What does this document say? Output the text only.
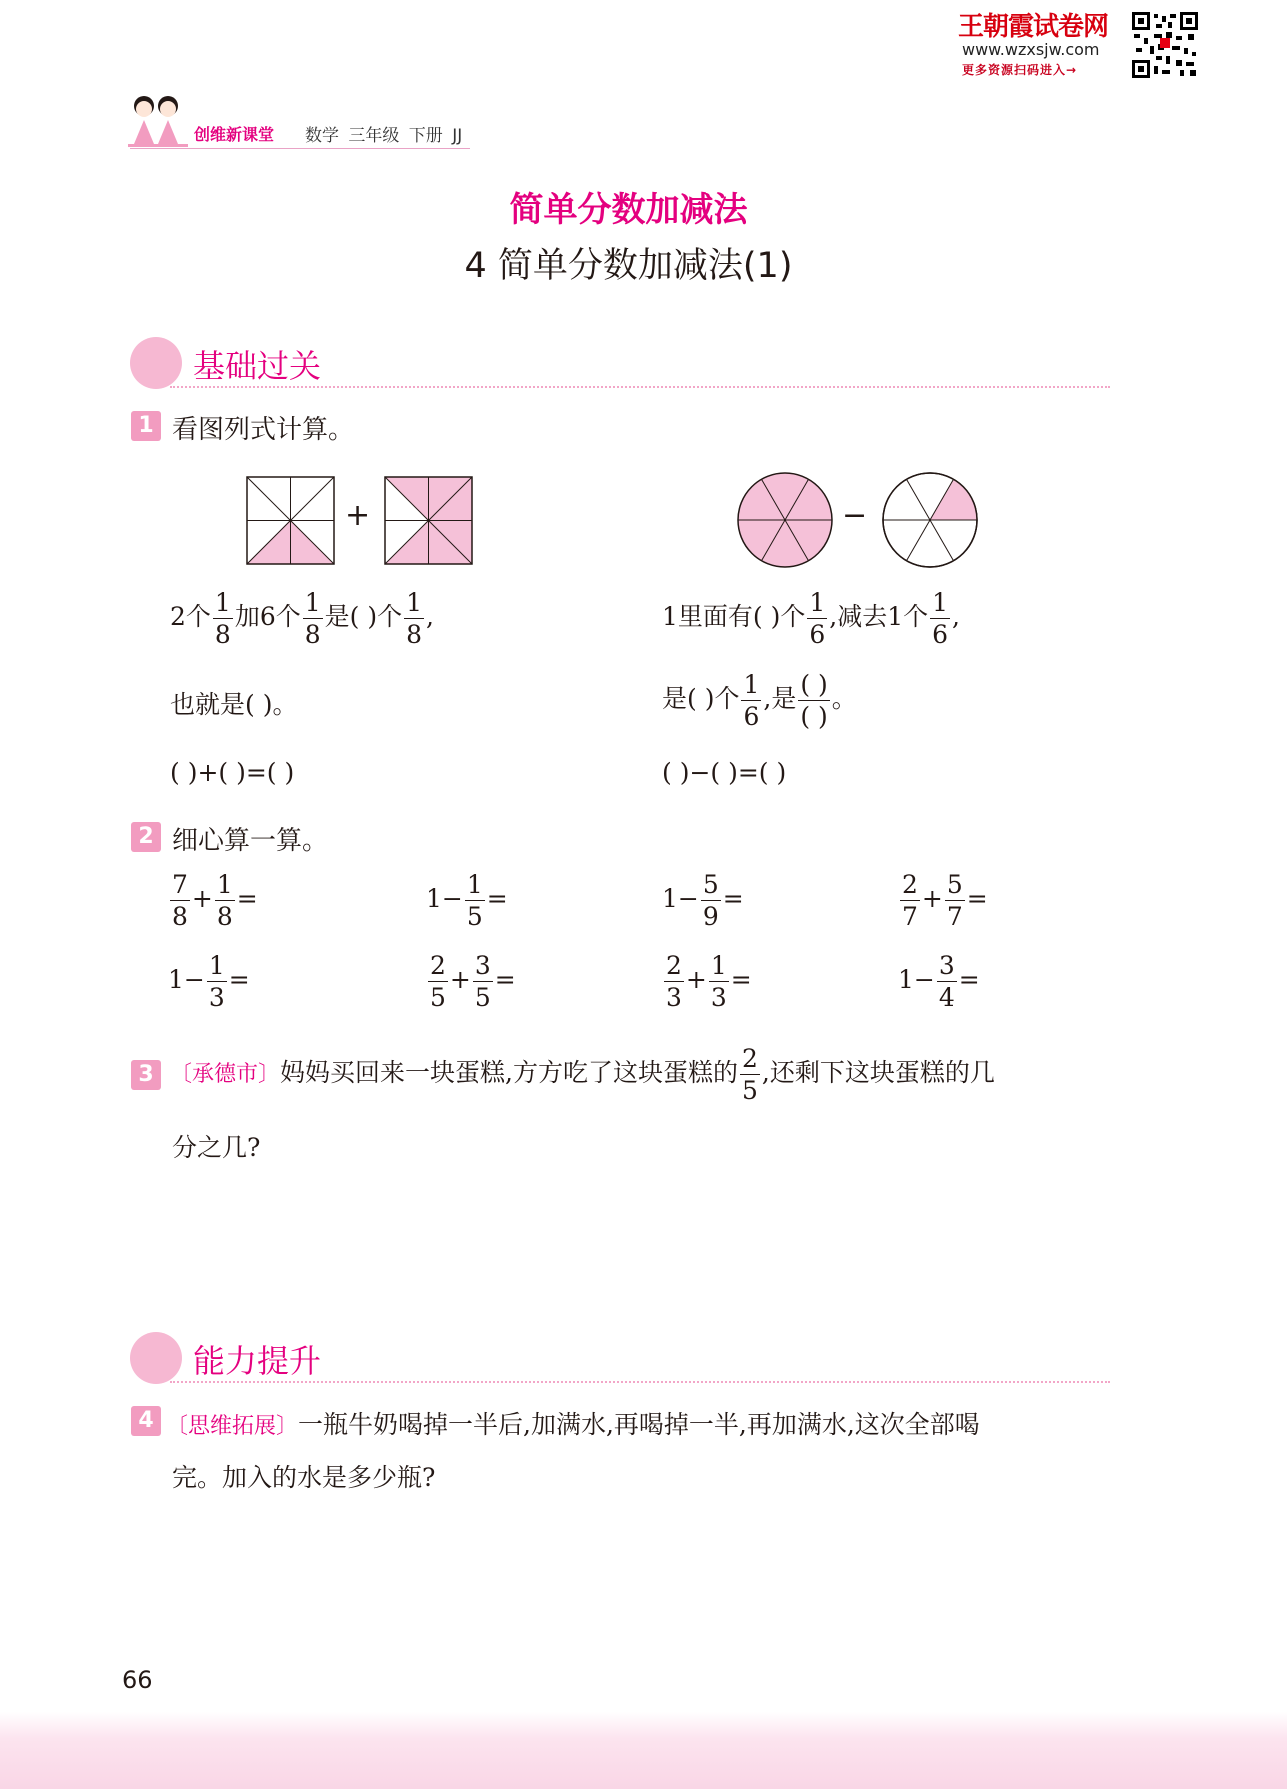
王朝霞试卷网
www.wzxsjw.com
更多资源扫码进入→
创维新课堂 数学 三年级 下册 JJ
简单分数加减法
4 简单分数加减法(1)
基础过关
1 看图列式计算。
+	−
2个 $\frac{1}{8}$ 加6个 $\frac{1}{8}$ 是( )个 $\frac{1}{8}$ ,
也就是( )。
( )+( )=( )
1里面有( )个 $\frac{1}{6}$ ,减去1个 $\frac{1}{6}$ ,
是( )个 $\frac{1}{6}$ ,是 $\frac{( )}{( )}$ 。
( )−( )=( )
2 细心算一算。
$\frac{7}{8} + \frac{1}{8}$ =	$1- \frac{1}{5}$ =	$1- \frac{5}{9}$ =	$\frac{2}{7} + \frac{5}{7}$ =
$1- \frac{1}{3}$ =	$\frac{2}{5} + \frac{3}{5}$ =	$\frac{2}{3} + \frac{1}{3}$ =	$1- \frac{3}{4}$ =
3 〔承德市〕妈妈买回来一块蛋糕,方方吃了这块蛋糕的 $\frac{2}{5}$ ,还剩下这块蛋糕的几
分之几?
能力提升
4 〔思维拓展〕一瓶牛奶喝掉一半后,加满水,再喝掉一半,再加满水,这次全部喝
完。加入的水是多少瓶?
66
